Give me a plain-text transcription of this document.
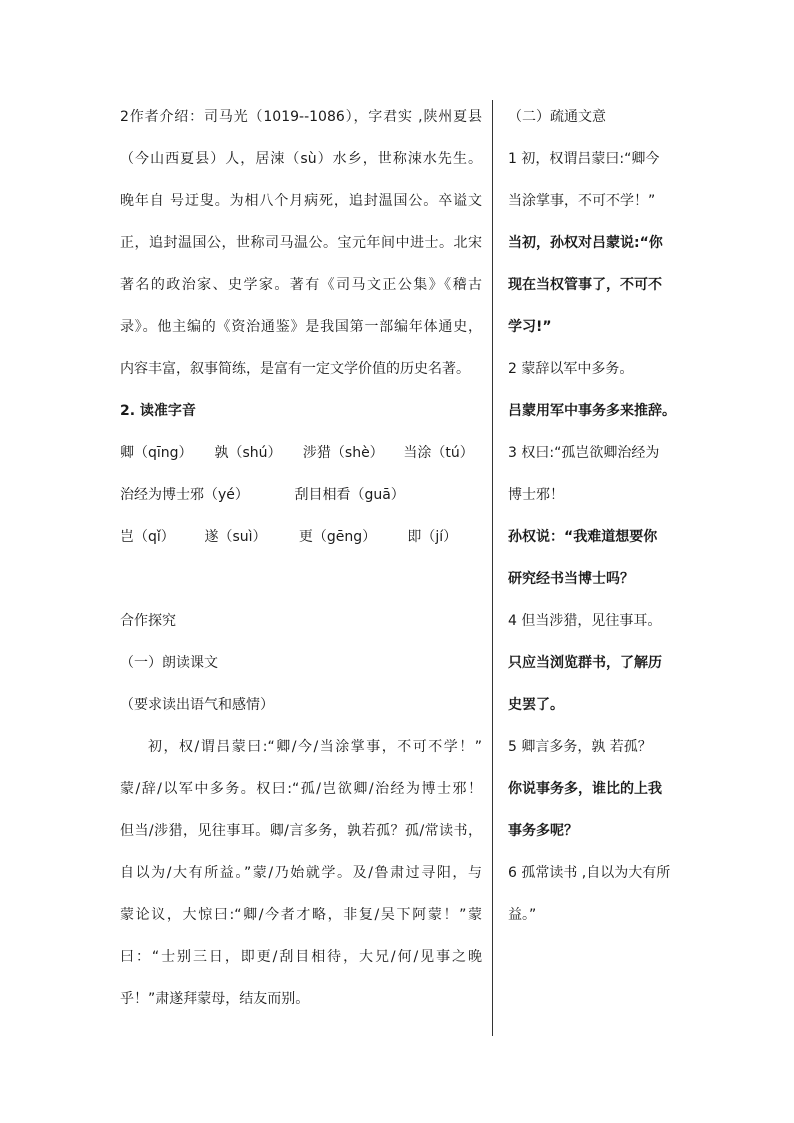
2作者介绍：司马光（1019--1086），字君实 ,陕州夏县
（今山西夏县）人，居涑（sù）水乡，世称涑水先生。
晚年自 号迂叟。为相八个月病死，追封温国公。卒谥文
正，追封温国公，世称司马温公。宝元年间中进士。北宋
著名的政治家、史学家。著有《司马文正公集》《稽古
录》。他主编的《资治通鉴》是我国第一部编年体通史，
内容丰富，叙事简练，是富有一定文学价值的历史名著。
2. 读准字音
卿（qīng） 孰（shú） 涉猎（shè） 当涂（tú）
治经为博士邪（yé）	刮目相看（guā）
岂（qǐ） 遂（suì） 更（gēng） 即（jí）
合作探究
（一）朗读课文
（要求读出语气和感情）
初，权/谓吕蒙曰:“卿/今/当涂掌事，不可不学！”
蒙/辞/以军中多务。权曰:“孤/岂欲卿/治经为博士邪！
但当/涉猎，见往事耳。卿/言多务，孰若孤？孤/常读书，
自以为/大有所益。”蒙/乃始就学。及/鲁肃过寻阳，与
蒙论议，大惊曰:“卿/今者才略，非复/吴下阿蒙！”蒙
曰：“士别三日，即更/刮目相待，大兄/何/见事之晚
乎！”肃遂拜蒙母，结友而别。
（二）疏通文意
1 初，权谓吕蒙曰:“卿今
当涂掌事，不可不学！”
当初，孙权对吕蒙说:“你
现在当权管事了，不可不
学习!”
2 蒙辞以军中多务。
吕蒙用军中事务多来推辞。
3 权曰:“孤岂欲卿治经为
博士邪！
孙权说：“我难道想要你
研究经书当博士吗？
4 但当涉猎，见往事耳。
只应当浏览群书，了解历
史罢了。
5 卿言多务，孰 若孤？
你说事务多，谁比的上我
事务多呢？
6 孤常读书 ,自以为大有所
益。”
